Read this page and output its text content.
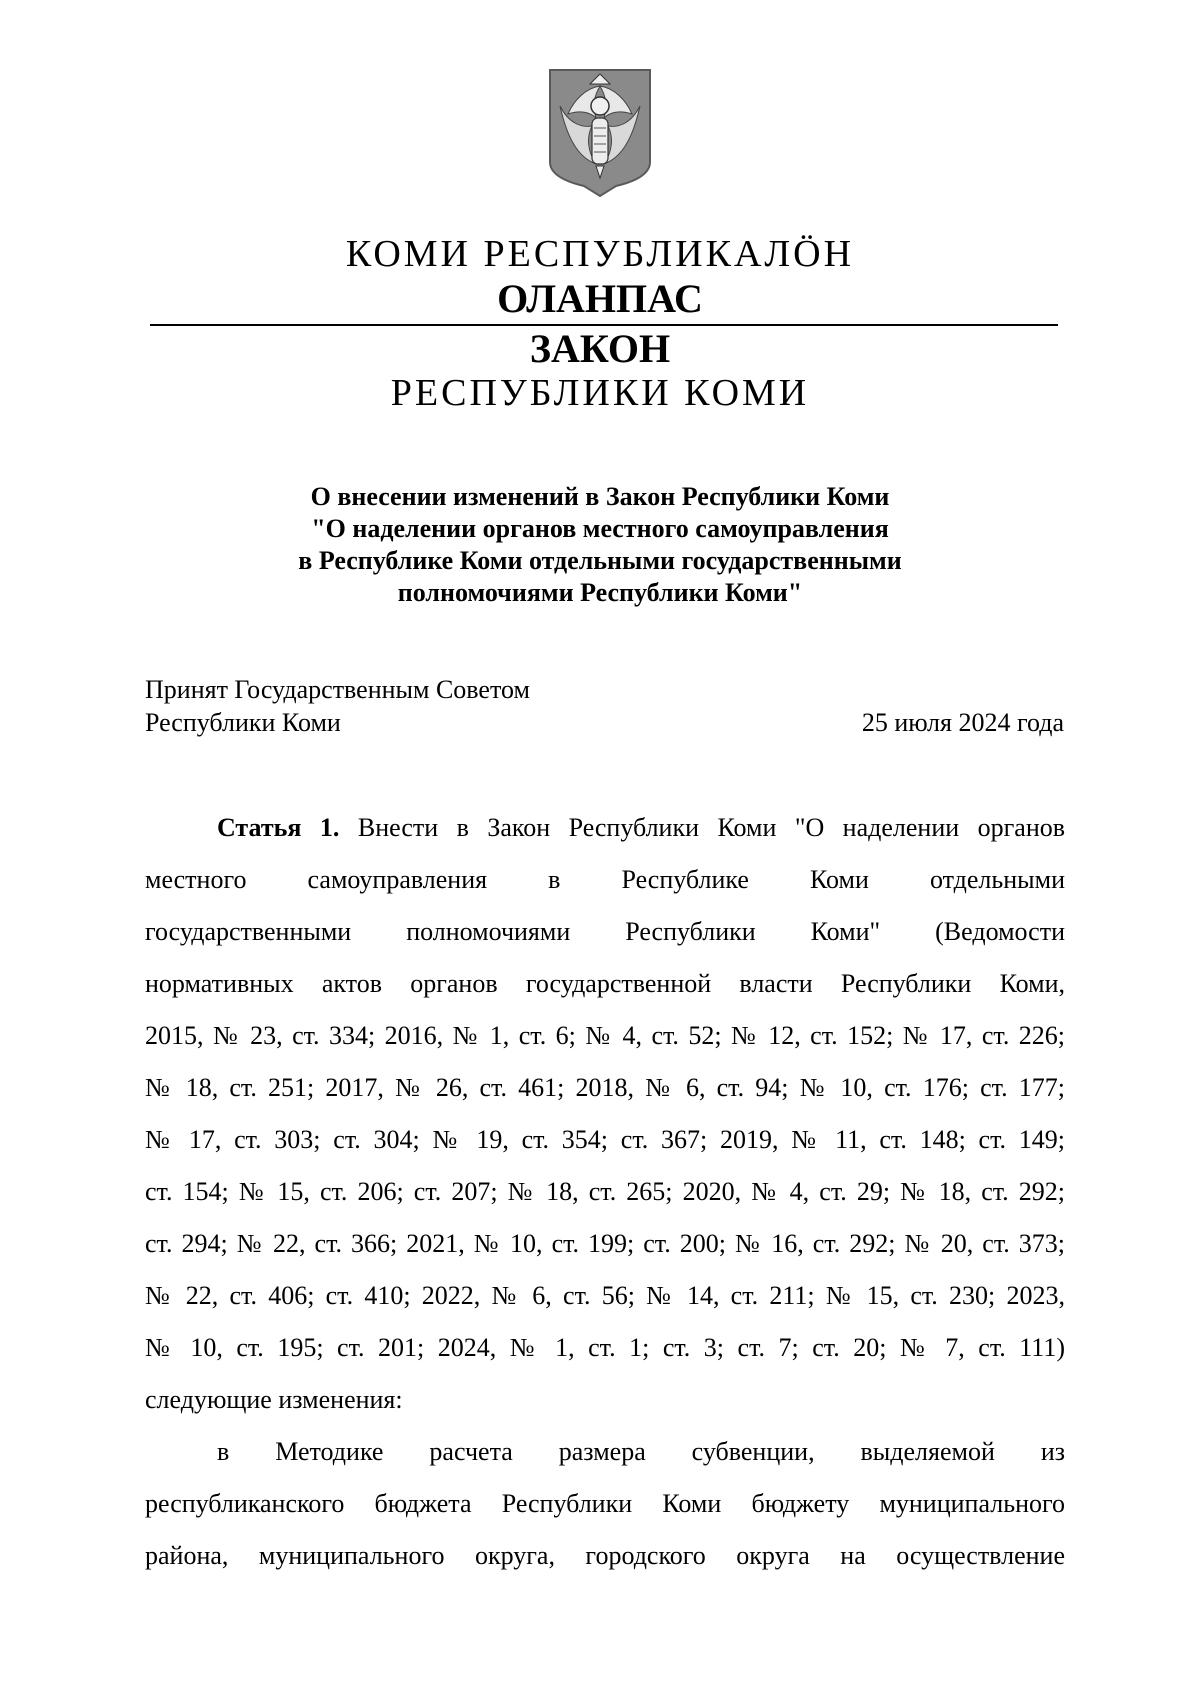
КОМИ РЕСПУБЛИКАЛӦН
ОЛАНПАС
ЗАКОН
РЕСПУБЛИКИ КОМИ
О внесении изменений в Закон Республики Коми
"О наделении органов местного самоуправления
в Республике Коми отдельными государственными
полномочиями Республики Коми"
Принят Государственным Советом
Республики Коми	25 июля 2024 года
Статья 1. Внести в Закон Республики Коми "О наделении органов
местного самоуправления в Республике Коми отдельными
государственными полномочиями Республики Коми" (Ведомости
нормативных актов органов государственной власти Республики Коми,
2015, № 23, ст. 334; 2016, № 1, ст. 6; № 4, ст. 52; № 12, ст. 152; № 17, ст. 226;
№ 18, ст. 251; 2017, № 26, ст. 461; 2018, № 6, ст. 94; № 10, ст. 176; ст. 177;
№ 17, ст. 303; ст. 304; № 19, ст. 354; ст. 367; 2019, № 11, ст. 148; ст. 149;
ст. 154; № 15, ст. 206; ст. 207; № 18, ст. 265; 2020, № 4, ст. 29; № 18, ст. 292;
ст. 294; № 22, ст. 366; 2021, № 10, ст. 199; ст. 200; № 16, ст. 292; № 20, ст. 373;
№ 22, ст. 406; ст. 410; 2022, № 6, ст. 56; № 14, ст. 211; № 15, ст. 230; 2023,
№ 10, ст. 195; ст. 201; 2024, № 1, ст. 1; ст. 3; ст. 7; ст. 20; № 7, ст. 111)
следующие изменения:
в Методике расчета размера субвенции, выделяемой из
республиканского бюджета Республики Коми бюджету муниципального
района, муниципального округа, городского округа на осуществление
